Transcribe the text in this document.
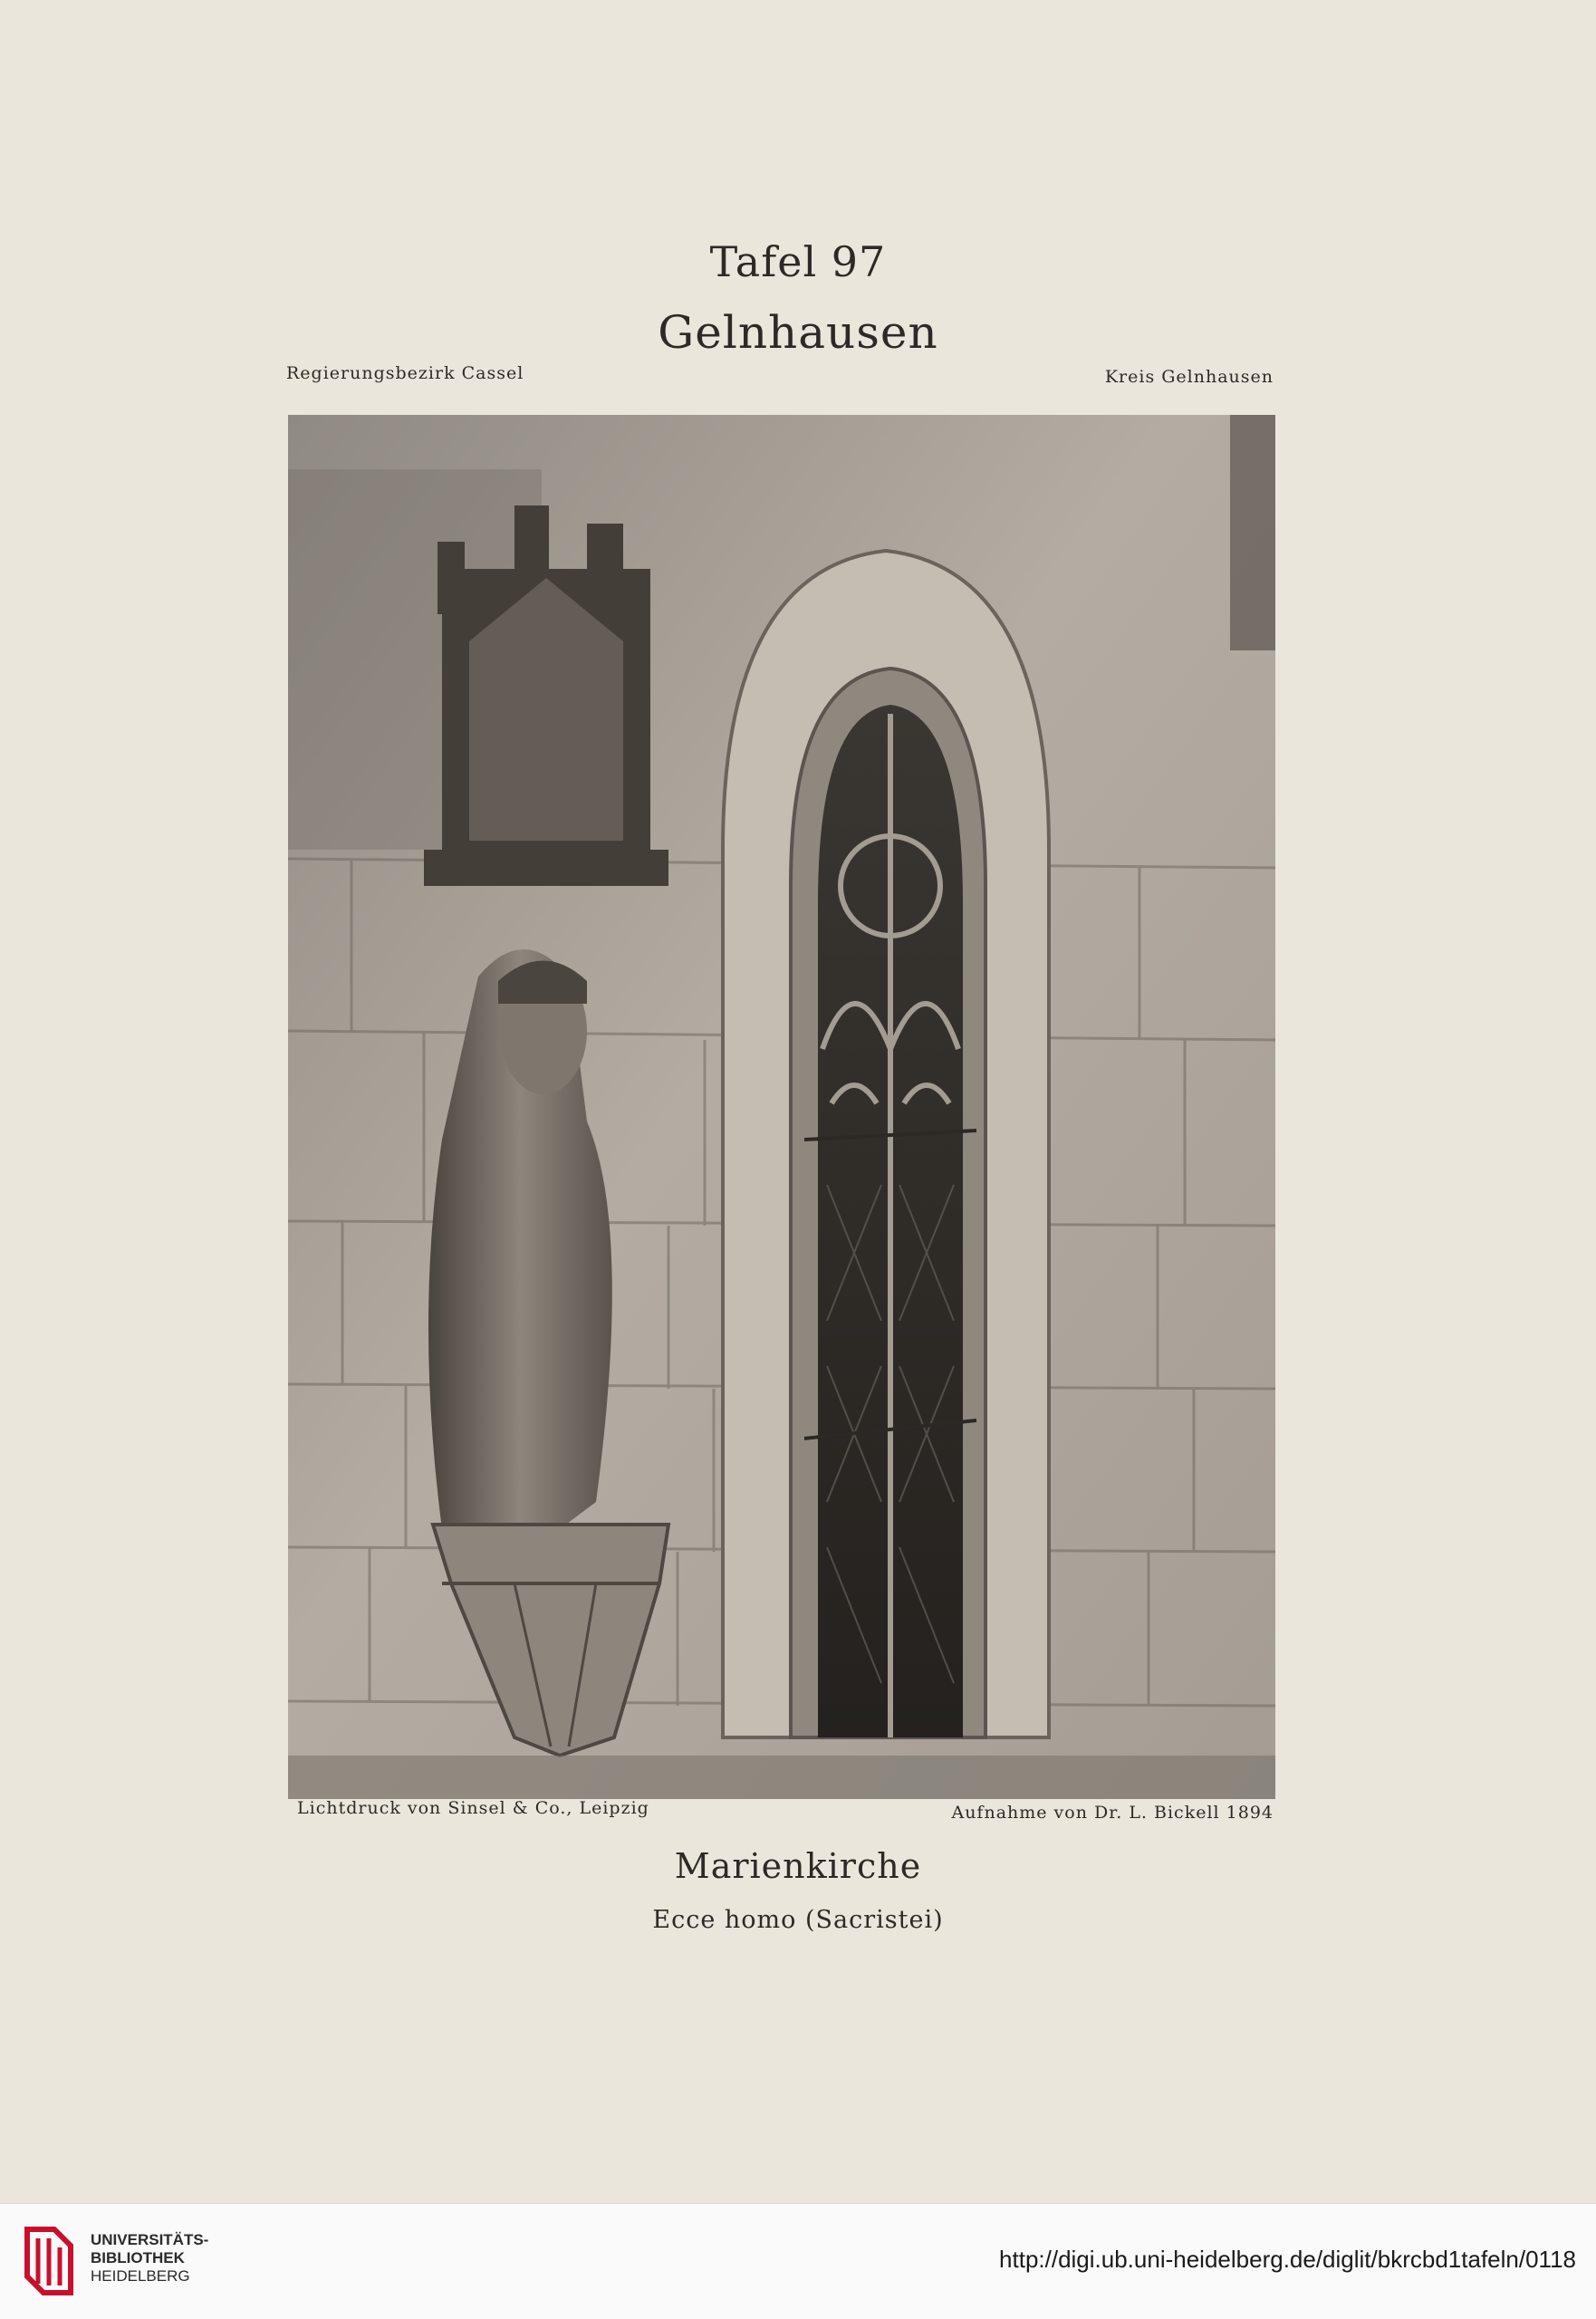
Tafel 97
Gelnhausen
Regierungsbezirk Cassel	Kreis Gelnhausen
Lichtdruck von Sinsel & Co., Leipzig	Aufnahme von Dr. L. Bickell 1894
Marienkirche
Ecce homo (Sacristei)
UNIVERSITÄTS-
BIBLIOTHEK
HEIDELBERG
http://digi.ub.uni-heidelberg.de/diglit/bkrcbd1tafeln/0118
